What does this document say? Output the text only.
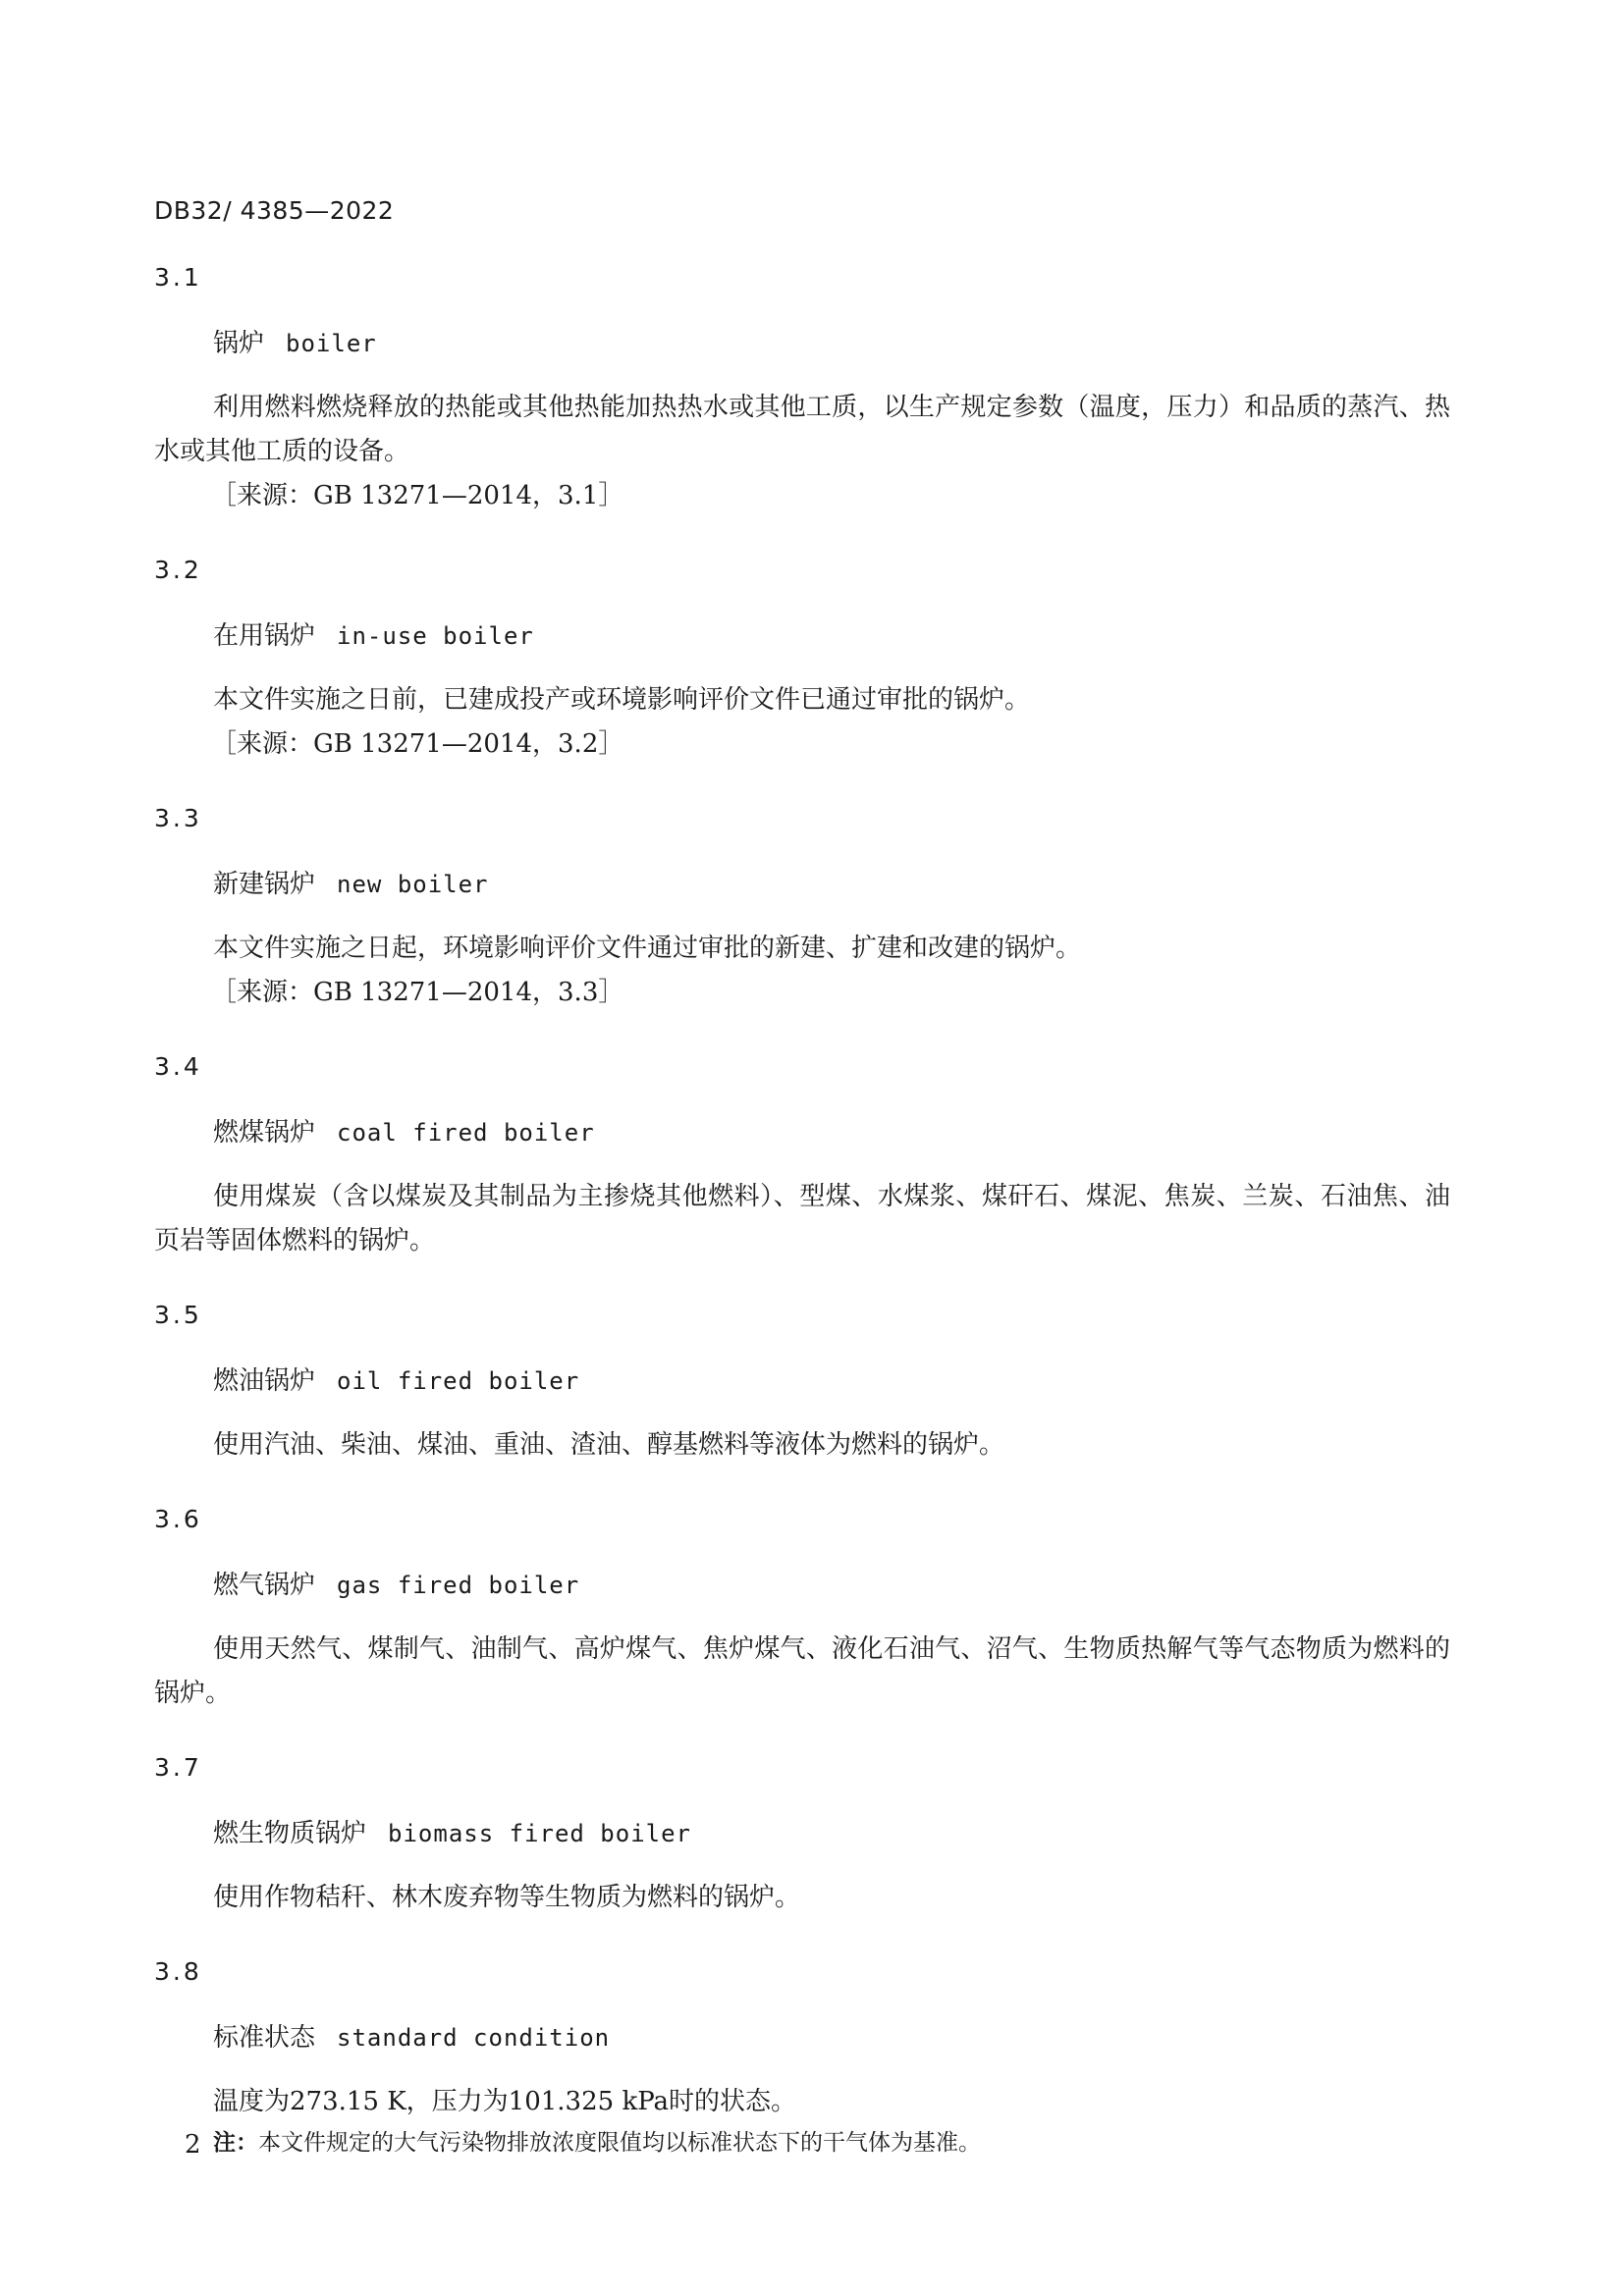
DB32/ 4385—2022
3.1
锅炉 boiler

利用燃料燃烧释放的热能或其他热能加热热水或其他工质，以生产规定参数（温度，压力）和品质的蒸汽、热水或其他工质的设备。

［来源：GB 13271—2014，3.1］

3.2
在用锅炉 in-use boiler

本文件实施之日前，已建成投产或环境影响评价文件已通过审批的锅炉。

［来源：GB 13271—2014，3.2］

3.3
新建锅炉 new boiler

本文件实施之日起，环境影响评价文件通过审批的新建、扩建和改建的锅炉。

［来源：GB 13271—2014，3.3］

3.4
燃煤锅炉 coal fired boiler

使用煤炭（含以煤炭及其制品为主掺烧其他燃料）、型煤、水煤浆、煤矸石、煤泥、焦炭、兰炭、石油焦、油页岩等固体燃料的锅炉。

3.5
燃油锅炉 oil fired boiler

使用汽油、柴油、煤油、重油、渣油、醇基燃料等液体为燃料的锅炉。

3.6
燃气锅炉 gas fired boiler

使用天然气、煤制气、油制气、高炉煤气、焦炉煤气、液化石油气、沼气、生物质热解气等气态物质为燃料的锅炉。

3.7
燃生物质锅炉 biomass fired boiler

使用作物秸秆、林木废弃物等生物质为燃料的锅炉。

3.8
标准状态 standard condition

温度为273.15 K，压力为101.325 kPa时的状态。

注：本文件规定的大气污染物排放浓度限值均以标准状态下的干气体为基准。

2
